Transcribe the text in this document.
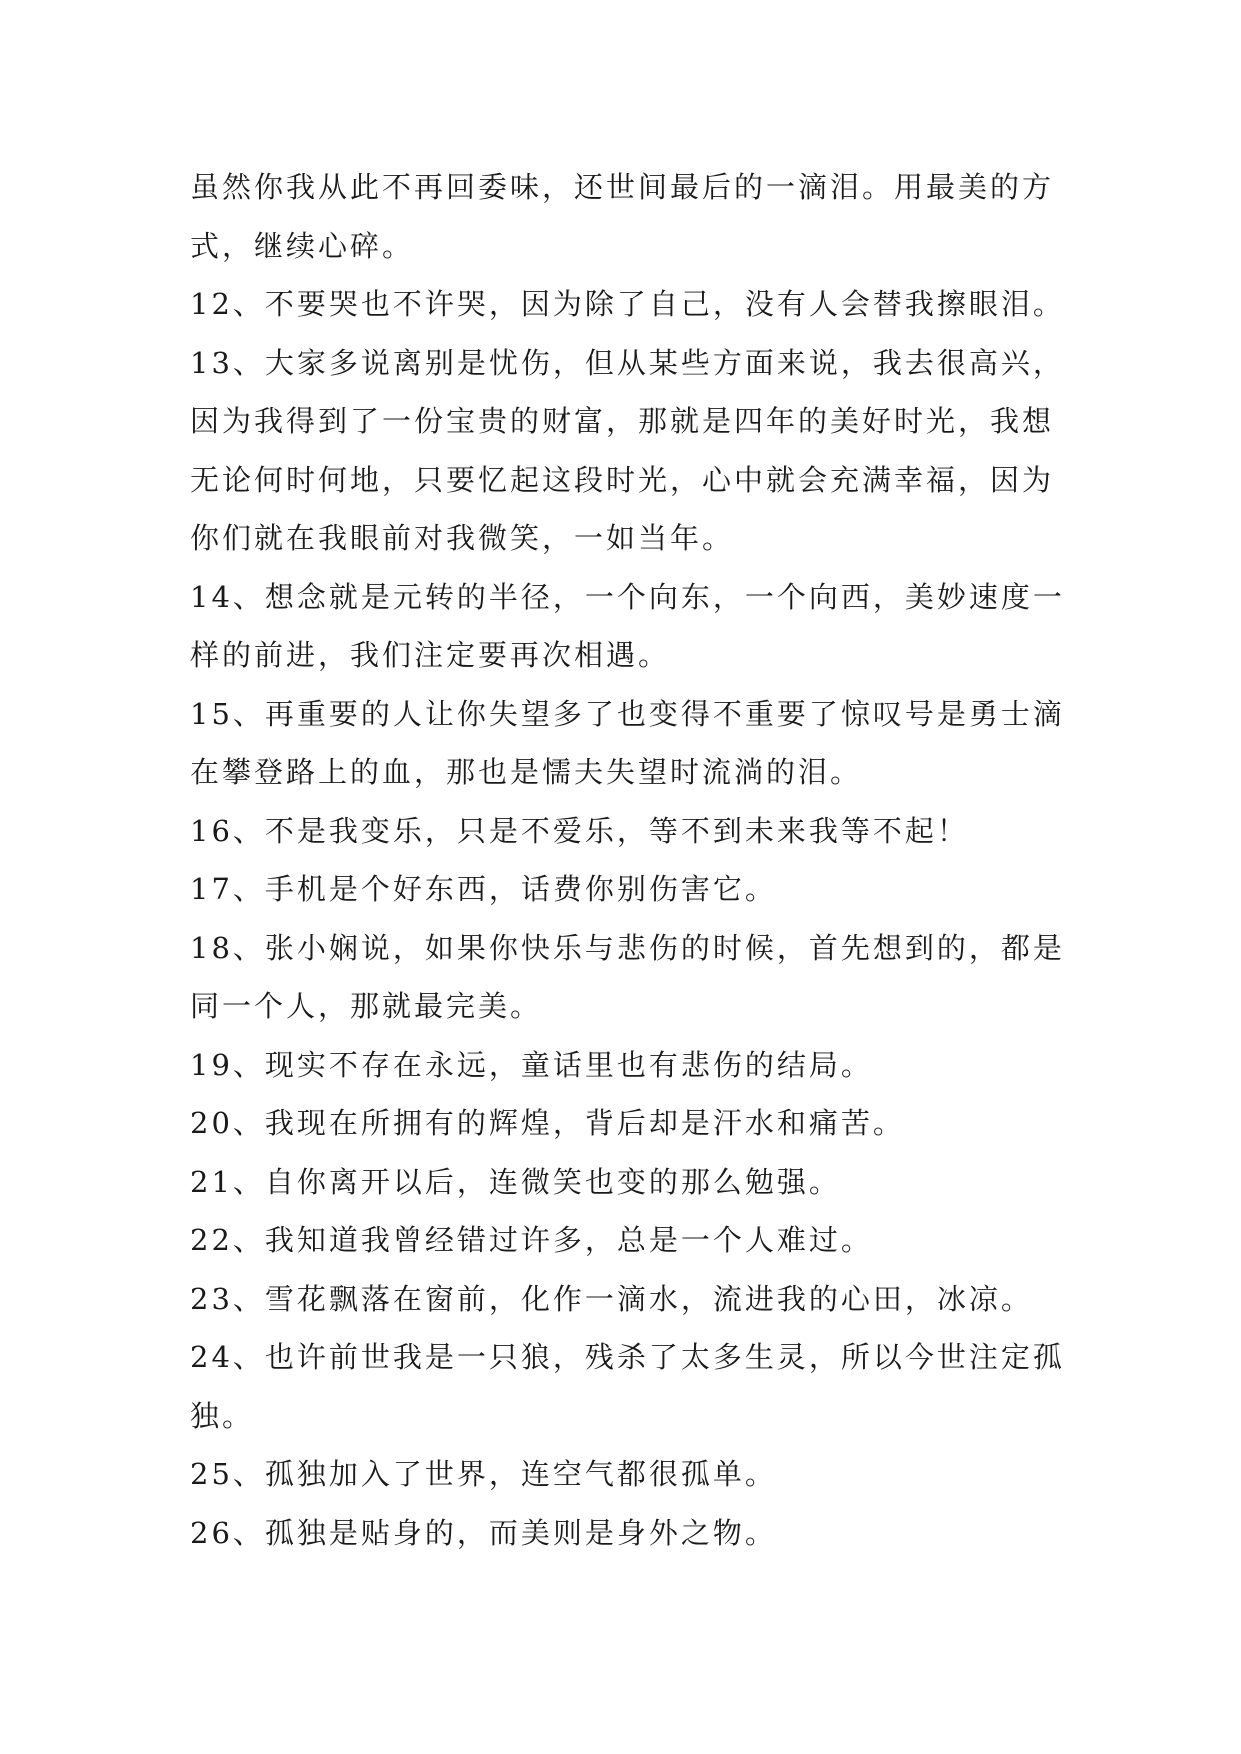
虽然你我从此不再回委味，还世间最后的一滴泪。用最美的方式，继续心碎。

12、不要哭也不许哭，因为除了自己，没有人会替我擦眼泪。

13、大家多说离别是忧伤，但从某些方面来说，我去很高兴，因为我得到了一份宝贵的财富，那就是四年的美好时光，我想无论何时何地，只要忆起这段时光，心中就会充满幸福，因为你们就在我眼前对我微笑，一如当年。

14、想念就是元转的半径，一个向东，一个向西，美妙速度一样的前进，我们注定要再次相遇。

15、再重要的人让你失望多了也变得不重要了惊叹号是勇士滴在攀登路上的血，那也是懦夫失望时流淌的泪。

16、不是我变乐，只是不爱乐，等不到未来我等不起！

17、手机是个好东西，话费你别伤害它。

18、张小娴说，如果你快乐与悲伤的时候，首先想到的，都是同一个人，那就最完美。

19、现实不存在永远，童话里也有悲伤的结局。

20、我现在所拥有的辉煌，背后却是汗水和痛苦。

21、自你离开以后，连微笑也变的那么勉强。

22、我知道我曾经错过许多，总是一个人难过。

23、雪花飘落在窗前，化作一滴水，流进我的心田，冰凉。

24、也许前世我是一只狼，残杀了太多生灵，所以今世注定孤独。

25、孤独加入了世界，连空气都很孤单。

26、孤独是贴身的，而美则是身外之物。
